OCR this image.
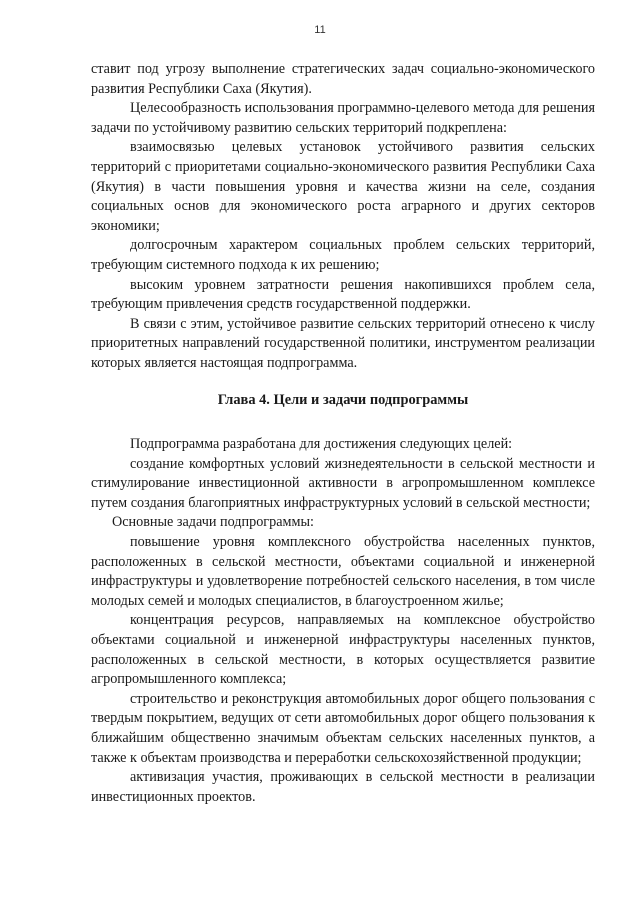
11

ставит под угрозу выполнение стратегических задач социально-экономического развития Республики Саха (Якутия).

Целесообразность использования программно-целевого метода для решения задачи по устойчивому развитию сельских территорий подкреплена:

взаимосвязью целевых установок устойчивого развития сельских территорий с приоритетами социально-экономического развития Республики Саха (Якутия) в части повышения уровня и качества жизни на селе, создания социальных основ для экономического роста аграрного и других секторов экономики;

долгосрочным характером социальных проблем сельских территорий, требующим системного подхода к их решению;

высоким уровнем затратности решения накопившихся проблем села, требующим привлечения средств государственной поддержки.

В связи с этим, устойчивое развитие сельских территорий отнесено к числу приоритетных направлений государственной политики, инструментом реализации которых является настоящая подпрограмма.

Глава 4. Цели и задачи подпрограммы

Подпрограмма разработана для достижения следующих целей:

создание комфортных условий жизнедеятельности в сельской местности и стимулирование инвестиционной активности в агропромышленном комплексе путем создания благоприятных инфраструктурных условий в сельской местности;

Основные задачи подпрограммы:

повышение уровня комплексного обустройства населенных пунктов, расположенных в сельской местности, объектами социальной и инженерной инфраструктуры и удовлетворение потребностей сельского населения, в том числе молодых семей и молодых специалистов, в благоустроенном жилье;

концентрация ресурсов, направляемых на комплексное обустройство объектами социальной и инженерной инфраструктуры населенных пунктов, расположенных в сельской местности, в которых осуществляется развитие агропромышленного комплекса;

строительство и реконструкция автомобильных дорог общего пользования с твердым покрытием, ведущих от сети автомобильных дорог общего пользования к ближайшим общественно значимым объектам сельских населенных пунктов, а также к объектам производства и переработки сельскохозяйственной продукции;

активизация участия, проживающих в сельской местности в реализации инвестиционных проектов.
